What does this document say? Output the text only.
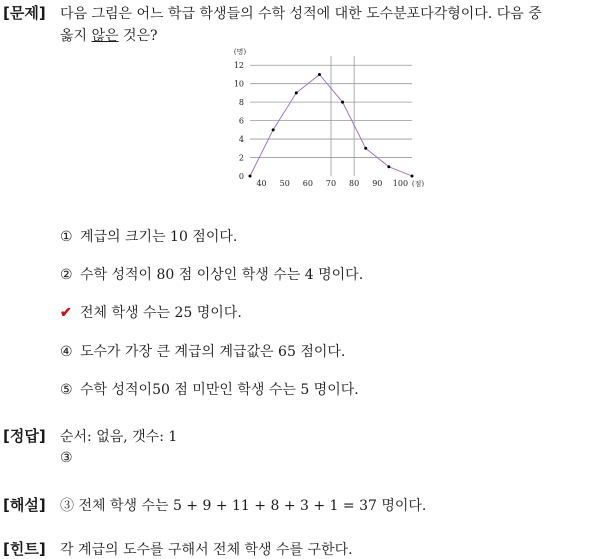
[문제] 다음 그림은 어느 학급 학생들의 수학 성적에 대한 도수분포다각형이다. 다음 중
옳지 않은 것은?
0
2
4
6
8
10
12
(명)
40 50 60 70 80 90 100 (점)
① 계급의 크기는 10 점이다.
② 수학 성적이 80 점 이상인 학생 수는 4 명이다.
✔ 전체 학생 수는 25 명이다.
④ 도수가 가장 큰 계급의 계급값은 65 점이다.
⑤ 수학 성적이50 점 미만인 학생 수는 5 명이다.
[정답] 순서: 없음, 갯수: 1
③
[해설] ③ 전체 학생 수는 5 + 9 + 11 + 8 + 3 + 1 = 37 명이다.
[힌트] 각 계급의 도수를 구해서 전체 학생 수를 구한다.
